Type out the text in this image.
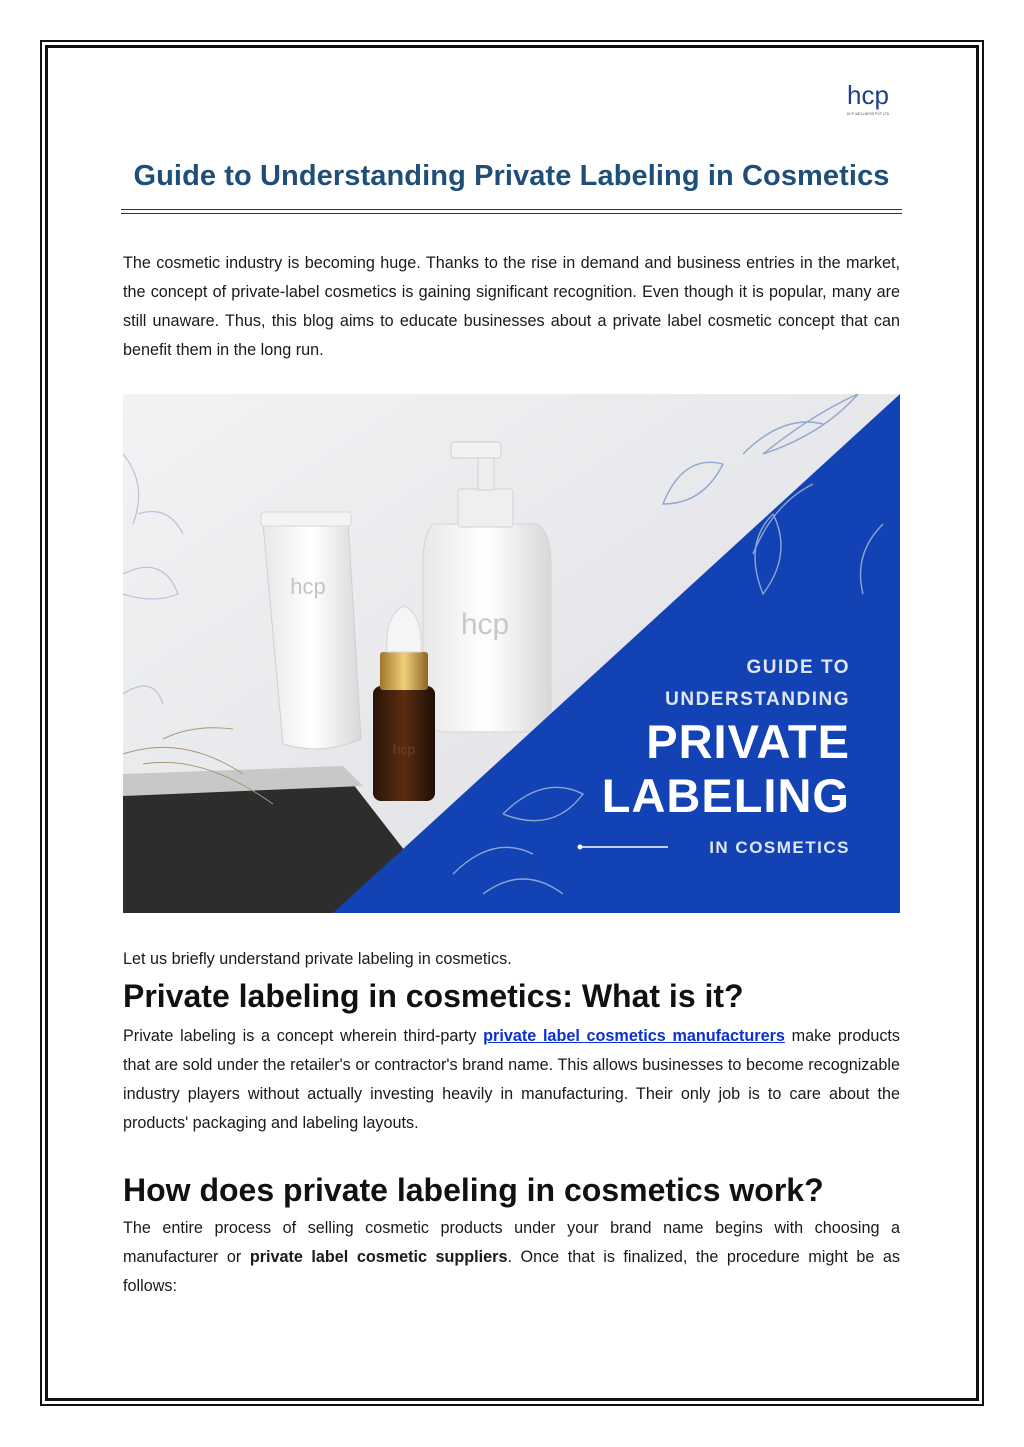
hcp
HCP WELLNESS PVT LTD
Guide to Understanding Private Labeling in Cosmetics

The cosmetic industry is becoming huge. Thanks to the rise in demand and business entries in the market, the concept of private-label cosmetics is gaining significant recognition. Even though it is popular, many are still unaware. Thus, this blog aims to educate businesses about a private label cosmetic concept that can benefit them in the long run.

hcp
hcp
hcp
GUIDE TO
UNDERSTANDING
PRIVATE
LABELING
IN COSMETICS

Let us briefly understand private labeling in cosmetics.

Private labeling in cosmetics: What is it?

Private labeling is a concept wherein third-party private label cosmetics manufacturers make products that are sold under the retailer's or contractor's brand name. This allows businesses to become recognizable industry players without actually investing heavily in manufacturing. Their only job is to care about the products' packaging and labeling layouts.

How does private labeling in cosmetics work?

The entire process of selling cosmetic products under your brand name begins with choosing a manufacturer or private label cosmetic suppliers. Once that is finalized, the procedure might be as follows:
